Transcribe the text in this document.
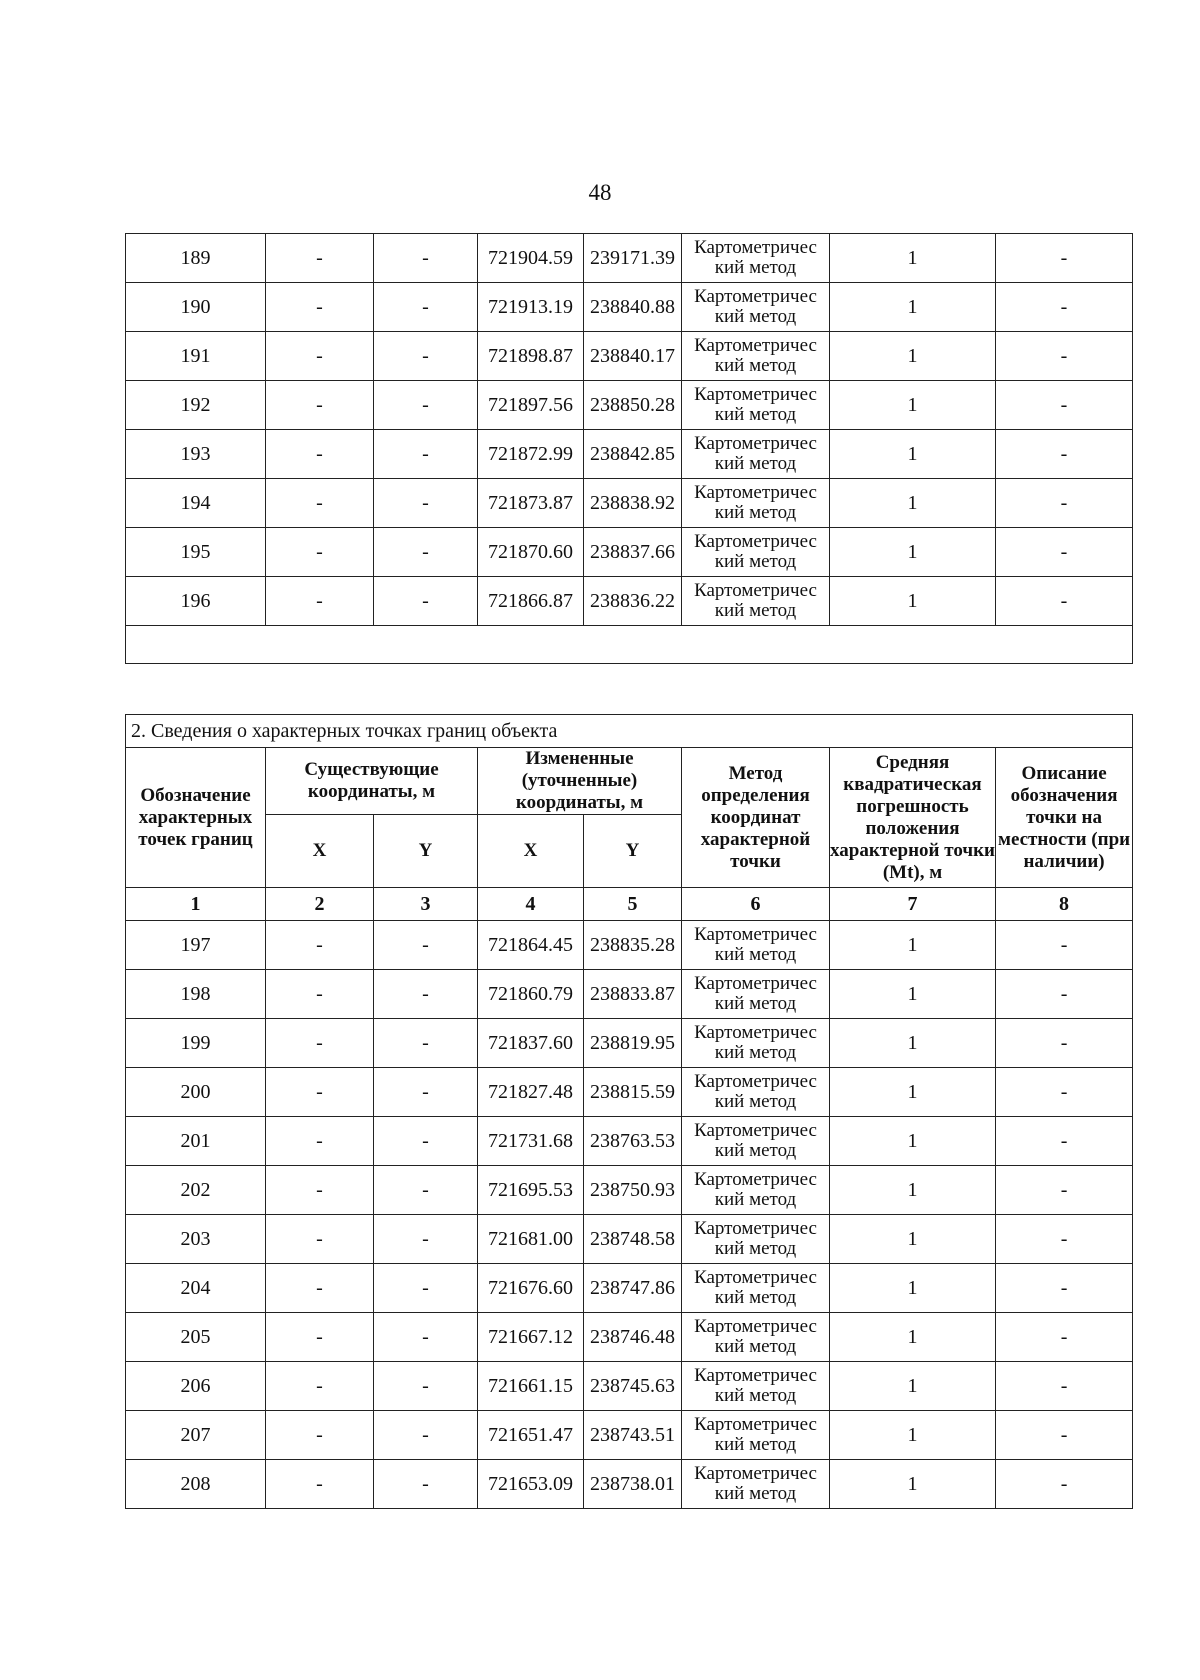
48
189	-	-	721904.59	239171.39	Картометричес кий метод	1	-
190	-	-	721913.19	238840.88	Картометричес кий метод	1	-
191	-	-	721898.87	238840.17	Картометричес кий метод	1	-
192	-	-	721897.56	238850.28	Картометричес кий метод	1	-
193	-	-	721872.99	238842.85	Картометричес кий метод	1	-
194	-	-	721873.87	238838.92	Картометричес кий метод	1	-
195	-	-	721870.60	238837.66	Картометричес кий метод	1	-
196	-	-	721866.87	238836.22	Картометричес кий метод	1	-

2. Сведения о характерных точках границ объекта							
Обозначение характерных точек границ	Существующие координаты, м		Измененные (уточненные) координаты, м		Метод определения координат характерной точки	Средняя квадратическая погрешность положения характерной точки (Mt), м	Описание обозначения точки на местности (при наличии)
	X	Y	X	Y			
1	2	3	4	5	6	7	8
197	-	-	721864.45	238835.28	Картометричес кий метод	1	-
198	-	-	721860.79	238833.87	Картометричес кий метод	1	-
199	-	-	721837.60	238819.95	Картометричес кий метод	1	-
200	-	-	721827.48	238815.59	Картометричес кий метод	1	-
201	-	-	721731.68	238763.53	Картометричес кий метод	1	-
202	-	-	721695.53	238750.93	Картометричес кий метод	1	-
203	-	-	721681.00	238748.58	Картометричес кий метод	1	-
204	-	-	721676.60	238747.86	Картометричес кий метод	1	-
205	-	-	721667.12	238746.48	Картометричес кий метод	1	-
206	-	-	721661.15	238745.63	Картометричес кий метод	1	-
207	-	-	721651.47	238743.51	Картометричес кий метод	1	-
208	-	-	721653.09	238738.01	Картометричес кий метод	1	-
